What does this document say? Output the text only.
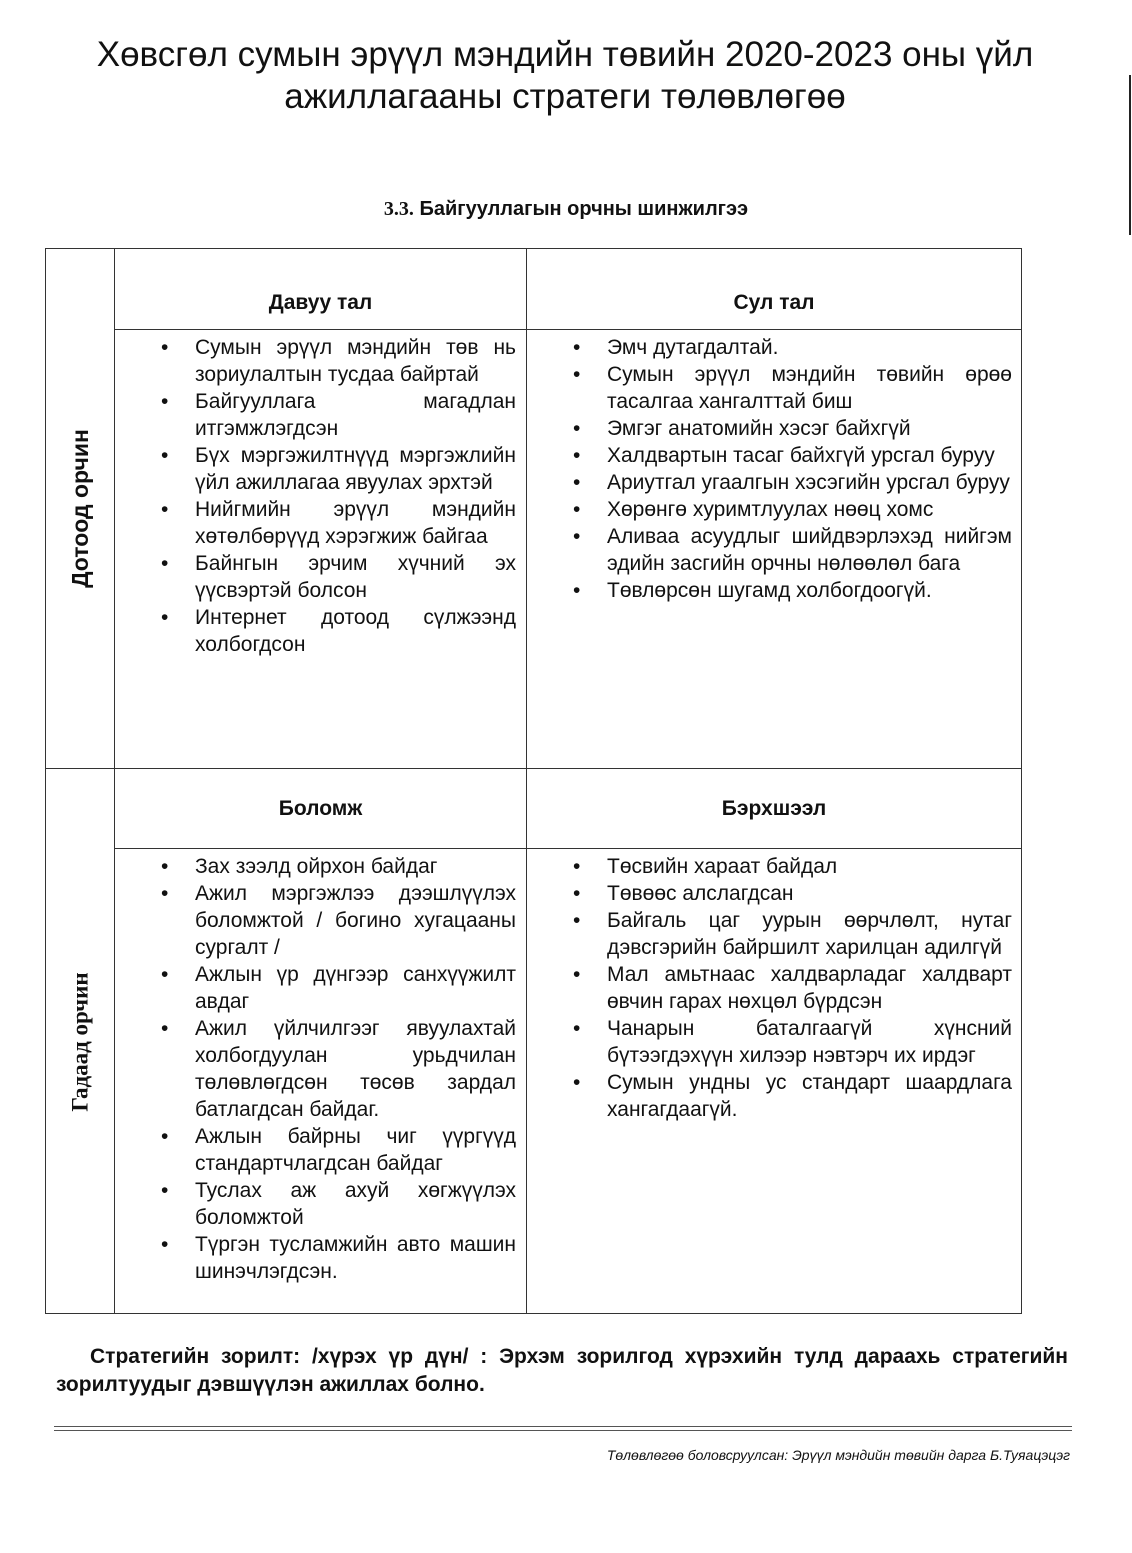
Хөвсгөл сумын эрүүл мэндийн төвийн 2020-2023 оны үйл ажиллагааны стратеги төлөвлөгөө
3.3. Байгууллагын орчны шинжилгээ
Дотоод орчин
Гадаад орчин
Давуу тал	Сул тал
Боломж	Бэрхшээл
• Сумын эрүүл мэндийн төв нь зориулалтын тусдаа байртай
• Байгууллага магадлан итгэмжлэгдсэн
• Бүх мэргэжилтнүүд мэргэжлийн үйл ажиллагаа явуулах эрхтэй
• Нийгмийн эрүүл мэндийн хөтөлбөрүүд хэрэгжиж байгаа
• Байнгын эрчим хүчний эх үүсвэртэй болсон
• Интернет дотоод сүлжээнд холбогдсон
• Эмч дутагдалтай.
• Сумын эрүүл мэндийн төвийн өрөө тасалгаа хангалттай биш
• Эмгэг анатомийн хэсэг байхгүй
• Халдвартын тасаг байхгүй урсгал буруу
• Ариутгал угаалгын хэсэгийн урсгал буруу
• Хөрөнгө хуримтлуулах нөөц хомс
• Аливаа асуудлыг шийдвэрлэхэд нийгэм эдийн засгийн орчны нөлөөлөл бага
• Төвлөрсөн шугамд холбогдоогүй.
• Зах зээлд ойрхон байдаг
• Ажил мэргэжлээ дээшлүүлэх боломжтой / богино хугацааны сургалт /
• Ажлын үр дүнгээр санхүүжилт авдаг
• Ажил үйлчилгээг явуулахтай холбогдуулан урьдчилан төлөвлөгдсөн төсөв зардал батлагдсан байдаг.
• Ажлын байрны чиг үүргүүд стандартчлагдсан байдаг
• Туслах аж ахуй хөгжүүлэх боломжтой
• Түргэн тусламжийн авто машин шинэчлэгдсэн.
• Төсвийн хараат байдал
• Төвөөс алслагдсан
• Байгаль цаг уурын өөрчлөлт, нутаг дэвсгэрийн байршилт харилцан адилгүй
• Мал амьтнаас халдварладаг халдварт өвчин гарах нөхцөл бүрдсэн
• Чанарын баталгаагүй хүнсний бүтээгдэхүүн хилээр нэвтэрч их ирдэг
• Сумын ундны ус стандарт шаардлага хангагдаагүй.

Стратегийн зорилт: /хүрэх үр дүн/ : Эрхэм зорилгод хүрэхийн тулд дараахь стратегийн зорилтуудыг дэвшүүлэн ажиллах болно.

Төлөвлөгөө боловсруулсан: Эрүүл мэндийн төвийн дарга Б.Туяацэцэг
